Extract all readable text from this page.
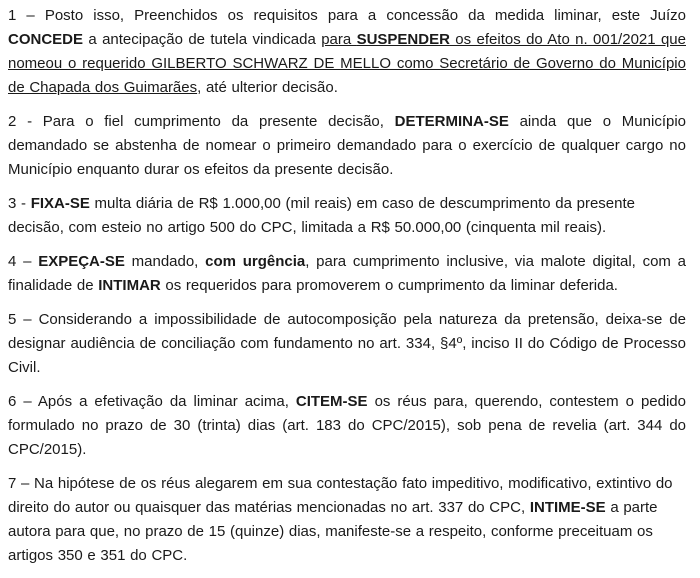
1 – Posto isso, Preenchidos os requisitos para a concessão da medida liminar, este Juízo CONCEDE a antecipação de tutela vindicada para SUSPENDER os efeitos do Ato n. 001/2021 que nomeou o requerido GILBERTO SCHWARZ DE MELLO como Secretário de Governo do Município de Chapada dos Guimarães, até ulterior decisão.

2 - Para o fiel cumprimento da presente decisão, DETERMINA-SE ainda que o Município demandado se abstenha de nomear o primeiro demandado para o exercício de qualquer cargo no Município enquanto durar os efeitos da presente decisão.

3 - FIXA-SE multa diária de R$ 1.000,00 (mil reais) em caso de descumprimento da presente decisão, com esteio no artigo 500 do CPC, limitada a R$ 50.000,00 (cinquenta mil reais).

4 – EXPEÇA-SE mandado, com urgência, para cumprimento inclusive, via malote digital, com a finalidade de INTIMAR os requeridos para promoverem o cumprimento da liminar deferida.

5 – Considerando a impossibilidade de autocomposição pela natureza da pretensão, deixa-se de designar audiência de conciliação com fundamento no art. 334, §4º, inciso II do Código de Processo Civil.

6 – Após a efetivação da liminar acima, CITEM-SE os réus para, querendo, contestem o pedido formulado no prazo de 30 (trinta) dias (art. 183 do CPC/2015), sob pena de revelia (art. 344 do CPC/2015).

7 – Na hipótese de os réus alegarem em sua contestação fato impeditivo, modificativo, extintivo do direito do autor ou quaisquer das matérias mencionadas no art. 337 do CPC, INTIME-SE a parte autora para que, no prazo de 15 (quinze) dias, manifeste-se a respeito, conforme preceituam os artigos 350 e 351 do CPC.
